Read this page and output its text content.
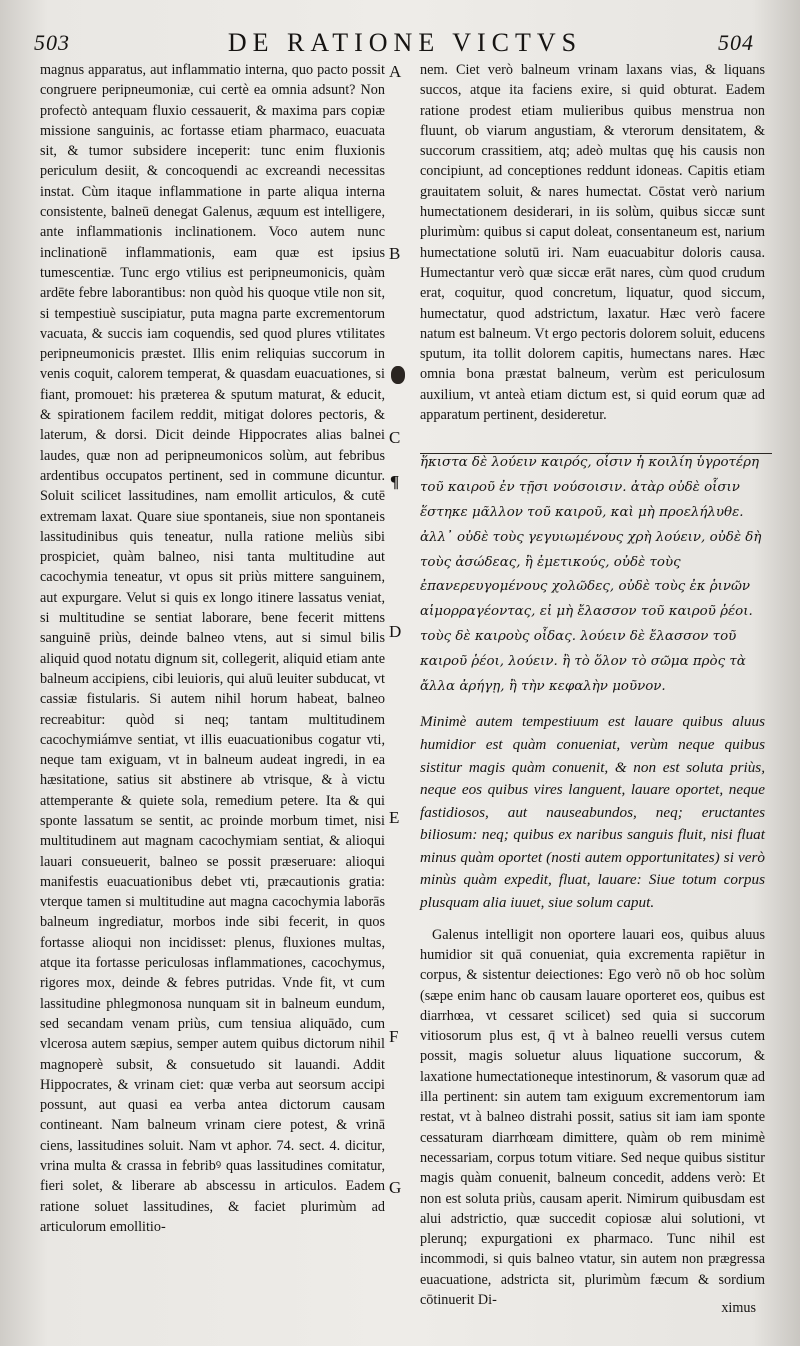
503	DE RATIONE VICTVS	504

magnus apparatus, aut inflammatio interna, quo pacto possit congruere peripneumoniæ, cui certè ea omnia adsunt? Non profectò antequam fluxio cessauerit, & maxima pars copiæ missione sanguinis, ac fortasse etiam pharmaco, euacuata sit, & tumor subsidere inceperit: tunc enim fluxionis periculum desiit, & concoquendi ac excreandi necessitas instat. Cùm itaque inflammatione in parte aliqua interna consistente, balneū denegat Galenus, æquum est intelligere, ante inflammationis inclinationem. Voco autem nunc inclinationē inflammationis, eam quæ est ipsius tumescentiæ. Tunc ergo vtilius est peripneumonicis, quàm ardēte febre laborantibus: non quòd his quoque vtile non sit, si tempestiuè suscipiatur, puta magna parte excrementorum vacuata, & succis iam coquendis, sed quod plures vtilitates peripneumonicis præstet. Illis enim reliquias succorum in venis coquit, calorem temperat, & quasdam euacuationes, si fiant, promouet: his præterea & sputum maturat, & educit, & spirationem facilem reddit, mitigat dolores pectoris, & laterum, & dorsi. Dicit deinde Hippocrates alias balnei laudes, quæ non ad peripneumonicos solùm, aut febribus ardentibus occupatos pertinent, sed in commune dicuntur. Soluit scilicet lassitudines, nam emollit articulos, & cutē extremam laxat. Quare siue spontaneis, siue non spontaneis lassitudinibus quis teneatur, nulla ratione meliùs sibi prospiciet, quàm balneo, nisi tanta multitudine aut cacochymia teneatur, vt opus sit priùs mittere sanguinem, aut expurgare. Velut si quis ex longo itinere lassatus veniat, si multitudine se sentiat laborare, bene fecerit mittens sanguinē priùs, deinde balneo vtens, aut si simul bilis aliquid quod notatu dignum sit, collegerit, aliquid etiam ante balneum accipiens, cibi leuioris, qui aluū leuiter subducat, vt cassiæ fistularis. Si autem nihil horum habeat, balneo recreabitur: quòd si neq; tantam multitudinem cacochymiámve sentiat, vt illis euacuationibus cogatur vti, neque tam exiguam, vt in balneum audeat ingredi, in ea hæsitatione, satius sit abstinere ab vtrisque, & à victu attemperante & quiete sola, remedium petere. Ita & qui sponte lassatum se sentit, ac proinde morbum timet, nisi multitudinem aut magnam cacochymiam sentiat, & alioqui lauari consueuerit, balneo se possit præseruare: alioqui manifestis euacuationibus debet vti, præcautionis gratia: vterque tamen si multitudine aut magna cacochymia laborās balneum ingrediatur, morbos inde sibi fecerit, in quos fortasse alioqui non incidisset: plenus, fluxiones multas, atque ita fortasse periculosas inflammationes, cacochymus, rigores mox, deinde & febres putridas. Vnde fit, vt cum lassitudine phlegmonosa nunquam sit in balneum eundum, sed secandam venam priùs, cum tensiua aliquādo, cum vlcerosa autem sæpius, semper autem quibus dictorum nihil magnoperè subsit, & consuetudo sit lauandi. Addit Hippocrates, & vrinam ciet: quæ verba aut seorsum accipi possunt, aut quasi ea verba antea dictorum causam contineant. Nam balneum vrinam ciere potest, & vrinā ciens, lassitudines soluit. Nam vt aphor. 74. sect. 4. dicitur, vrina multa & crassa in febribꝰ quas lassitudines comitatur, fieri solet, & liberare ab abscessu in articulos. Eadem ratione soluet lassitudines, & faciet plurimùm ad articulorum emollitio-

nem. Ciet verò balneum vrinam laxans vias, & liquans succos, atque ita faciens exire, si quid obturat. Eadem ratione prodest etiam mulieribus quibus menstrua non fluunt, ob viarum angustiam, & vterorum densitatem, & succorum crassitiem, atq; adeò multas quę his causis non concipiunt, ad conceptiones reddunt idoneas. Capitis etiam grauitatem soluit, & nares humectat. Cōstat verò narium humectationem desiderari, in iis solùm, quibus siccæ sunt plurimùm: quibus si caput doleat, consentaneum est, narium humectatione solutū iri. Nam euacuabitur doloris causa. Humectantur verò quæ siccæ erāt nares, cùm quod crudum erat, coquitur, quod concretum, liquatur, quod siccum, humectatur, quod adstrictum, laxatur. Hæc verò facere natum est balneum. Vt ergo pectoris dolorem soluit, educens sputum, ita tollit dolorem capitis, humectans nares. Hæc omnia bona præstat balneum, verùm est periculosum auxilium, vt anteà etiam dictum est, si quid eorum quæ ad apparatum pertinent, desideretur.

ἥκιστα δὲ λούειν καιρός, οἷσιν ἡ κοιλίη ὑγροτέρη τοῦ καιροῦ ἐν τῇσι νούσοισιν. ἀτὰρ οὐδὲ οἷσιν ἕστηκε μᾶλλον τοῦ καιροῦ, καὶ μὴ προελήλυθε. ἀλλ᾽ οὐδὲ τοὺς γεγυιωμένους χρὴ λούειν, οὐδὲ δὴ τοὺς ἀσώδεας, ἢ ἐμετικούς, οὐδὲ τοὺς ἐπανερευγομένους χολῶδες, οὐδὲ τοὺς ἐκ ῥινῶν αἱμορραγέοντας, εἰ μὴ ἔλασσον τοῦ καιροῦ ῥέοι. τοὺς δὲ καιροὺς οἶδας. λούειν δὲ ἔλασσον τοῦ καιροῦ ῥέοι, λούειν. ἢ τὸ ὅλον τὸ σῶμα πρὸς τὰ ἄλλα ἀρήγῃ, ἢ τὴν κεφαλὴν μοῦνον.

Minimè autem tempestiuum est lauare quibus aluus humidior est quàm conueniat, verùm neque quibus sistitur magis quàm conuenit, & non est soluta priùs, neque eos quibus vires languent, lauare oportet, neque fastidiosos, aut nauseabundos, neq; eructantes biliosum: neq; quibus ex naribus sanguis fluit, nisi fluat minus quàm oportet (nosti autem opportunitates) si verò minùs quàm expedit, fluat, lauare: Siue totum corpus plusquam alia iuuet, siue solum caput.

Galenus intelligit non oportere lauari eos, quibus aluus humidior sit quā conueniat, quia excrementa rapiētur in corpus, & sistentur deiectiones: Ego verò nō ob hoc solùm (sæpe enim hanc ob causam lauare oporteret eos, quibus est diarrhœa, vt cessaret scilicet) sed quia si succorum vitiosorum plus est, q̄ vt à balneo reuelli versus cutem possit, magis soluetur aluus liquatione succorum, & laxatione humectationeque intestinorum, & vasorum quæ ad illa pertinent: sin autem tam exiguum excrementorum iam restat, vt à balneo distrahi possit, satius sit iam iam sponte cessaturam diarrhœam dimittere, quàm ob rem minimè necessariam, corpus totum vitiare. Sed neque quibus sistitur magis quàm conuenit, balneum concedit, addens verò: Et non est soluta priùs, causam aperit. Nimirum quibusdam est alui adstrictio, quæ succedit copiosæ alui solutioni, vt plerunq; expurgationi ex pharmaco. Tunc nihil est incommodi, si quis balneo vtatur, sin autem non prægressa euacuatione, adstricta sit, plurimùm fæcum & sordium cōtinuerit Di-	ximus
A
B
C
D
E
F
G
¶
